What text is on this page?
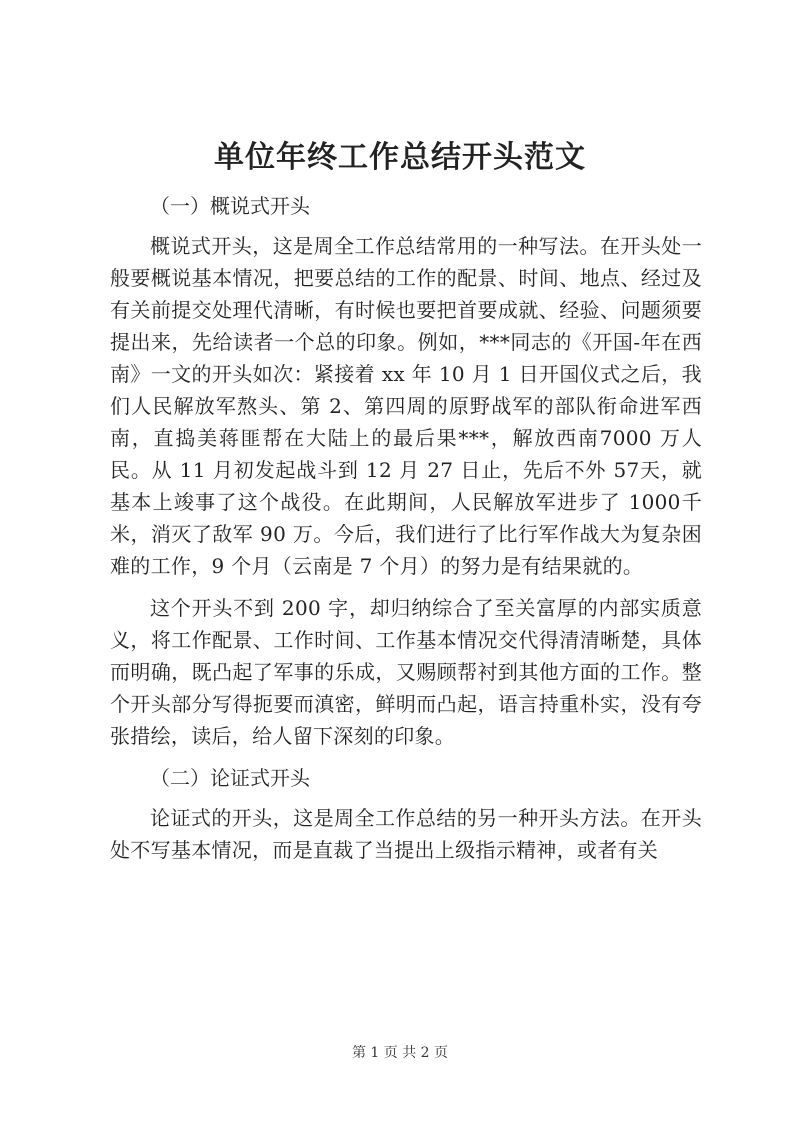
单位年终工作总结开头范文
（一）概说式开头
概说式开头，这是周全工作总结常用的一种写法。在开头处一般要概说基本情况，把要总结的工作的配景、时间、地点、经过及有关前提交处理代清晰，有时候也要把首要成就、经验、问题须要提出来，先给读者一个总的印象。例如，***同志的《开国-年在西南》一文的开头如次：紧接着 xx 年 10 月 1 日开国仪式之后，我们人民解放军熬头、第 2、第四周的原野战军的部队衔命进军西南，直捣美蒋匪帮在大陆上的最后果***，解放西南7000 万人民。从 11 月初发起战斗到 12 月 27 日止，先后不外 57天，就基本上竣事了这个战役。在此期间，人民解放军进步了 1000千米，消灭了敌军 90 万。今后，我们进行了比行军作战大为复杂困难的工作，9 个月（云南是 7 个月）的努力是有结果就的。
这个开头不到 200 字，却归纳综合了至关富厚的内部实质意义，将工作配景、工作时间、工作基本情况交代得清清晰楚，具体而明确，既凸起了军事的乐成，又赐顾帮衬到其他方面的工作。整个开头部分写得扼要而滇密，鲜明而凸起，语言持重朴实，没有夸张措绘，读后，给人留下深刻的印象。
（二）论证式开头
论证式的开头，这是周全工作总结的另一种开头方法。在开头处不写基本情况，而是直裁了当提出上级指示精神，或者有关
第 1 页 共 2 页
